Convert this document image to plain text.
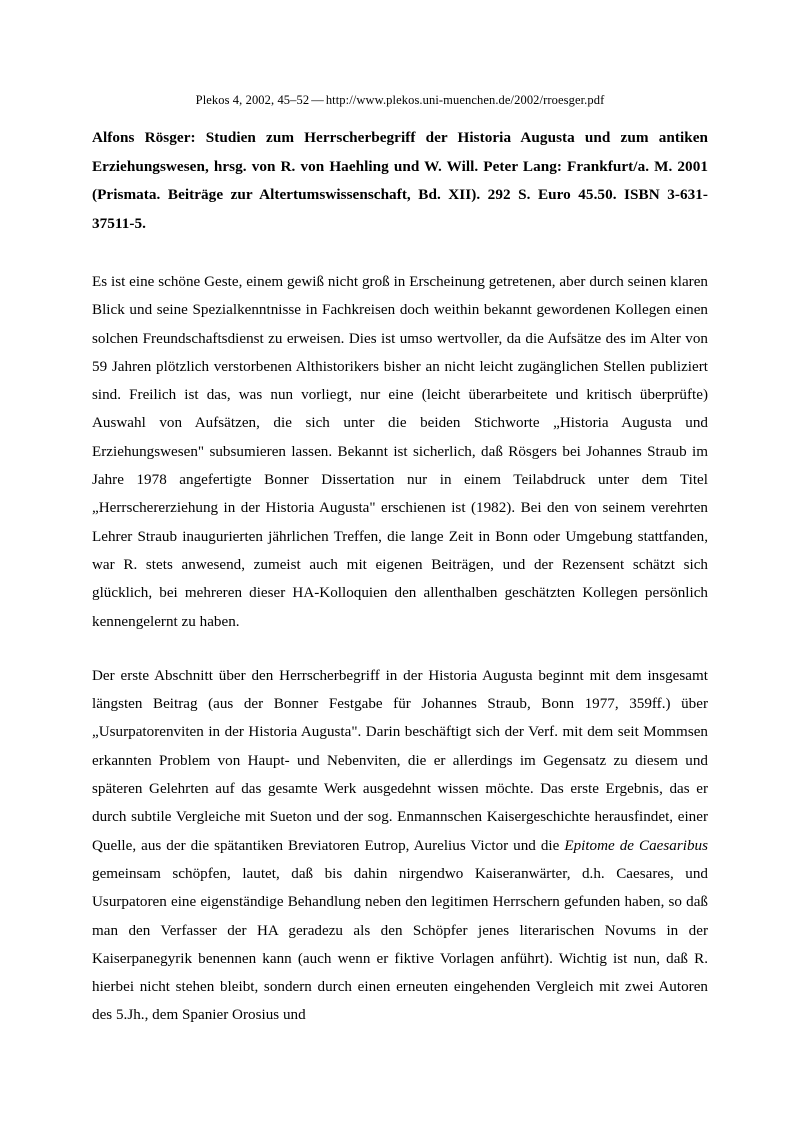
Plekos 4, 2002, 45–52 — http://www.plekos.uni-muenchen.de/2002/rroesger.pdf
Alfons Rösger: Studien zum Herrscherbegriff der Historia Augusta und zum antiken Erziehungswesen, hrsg. von R. von Haehling und W. Will. Peter Lang: Frankfurt/a. M. 2001 (Prismata. Beiträge zur Altertumswissenschaft, Bd. XII). 292 S. Euro 45.50. ISBN 3-631-37511-5.

Es ist eine schöne Geste, einem gewiß nicht groß in Erscheinung getretenen, aber durch seinen klaren Blick und seine Spezialkenntnisse in Fachkreisen doch weithin bekannt gewordenen Kollegen einen solchen Freundschaftsdienst zu erweisen. Dies ist umso wertvoller, da die Aufsätze des im Alter von 59 Jahren plötzlich verstorbenen Althistorikers bisher an nicht leicht zugänglichen Stellen publiziert sind. Freilich ist das, was nun vorliegt, nur eine (leicht überarbeitete und kritisch überprüfte) Auswahl von Aufsätzen, die sich unter die beiden Stichworte „Historia Augusta und Erziehungswesen" subsumieren lassen. Bekannt ist sicherlich, daß Rösgers bei Johannes Straub im Jahre 1978 angefertigte Bonner Dissertation nur in einem Teilabdruck unter dem Titel „Herrschererziehung in der Historia Augusta" erschienen ist (1982). Bei den von seinem verehrten Lehrer Straub inaugurierten jährlichen Treffen, die lange Zeit in Bonn oder Umgebung stattfanden, war R. stets anwesend, zumeist auch mit eigenen Beiträgen, und der Rezensent schätzt sich glücklich, bei mehreren dieser HA-Kolloquien den allenthalben geschätzten Kollegen persönlich kennengelernt zu haben.

Der erste Abschnitt über den Herrscherbegriff in der Historia Augusta beginnt mit dem insgesamt längsten Beitrag (aus der Bonner Festgabe für Johannes Straub, Bonn 1977, 359ff.) über „Usurpatorenviten in der Historia Augusta". Darin beschäftigt sich der Verf. mit dem seit Mommsen erkannten Problem von Haupt- und Nebenviten, die er allerdings im Gegensatz zu diesem und späteren Gelehrten auf das gesamte Werk ausgedehnt wissen möchte. Das erste Ergebnis, das er durch subtile Vergleiche mit Sueton und der sog. Enmannschen Kaisergeschichte herausfindet, einer Quelle, aus der die spätantiken Breviatoren Eutrop, Aurelius Victor und die Epitome de Caesaribus gemeinsam schöpfen, lautet, daß bis dahin nirgendwo Kaiseranwärter, d.h. Caesares, und Usurpatoren eine eigenständige Behandlung neben den legitimen Herrschern gefunden haben, so daß man den Verfasser der HA geradezu als den Schöpfer jenes literarischen Novums in der Kaiserpanegyrik benennen kann (auch wenn er fiktive Vorlagen anführt). Wichtig ist nun, daß R. hierbei nicht stehen bleibt, sondern durch einen erneuten eingehenden Vergleich mit zwei Autoren des 5.Jh., dem Spanier Orosius und
